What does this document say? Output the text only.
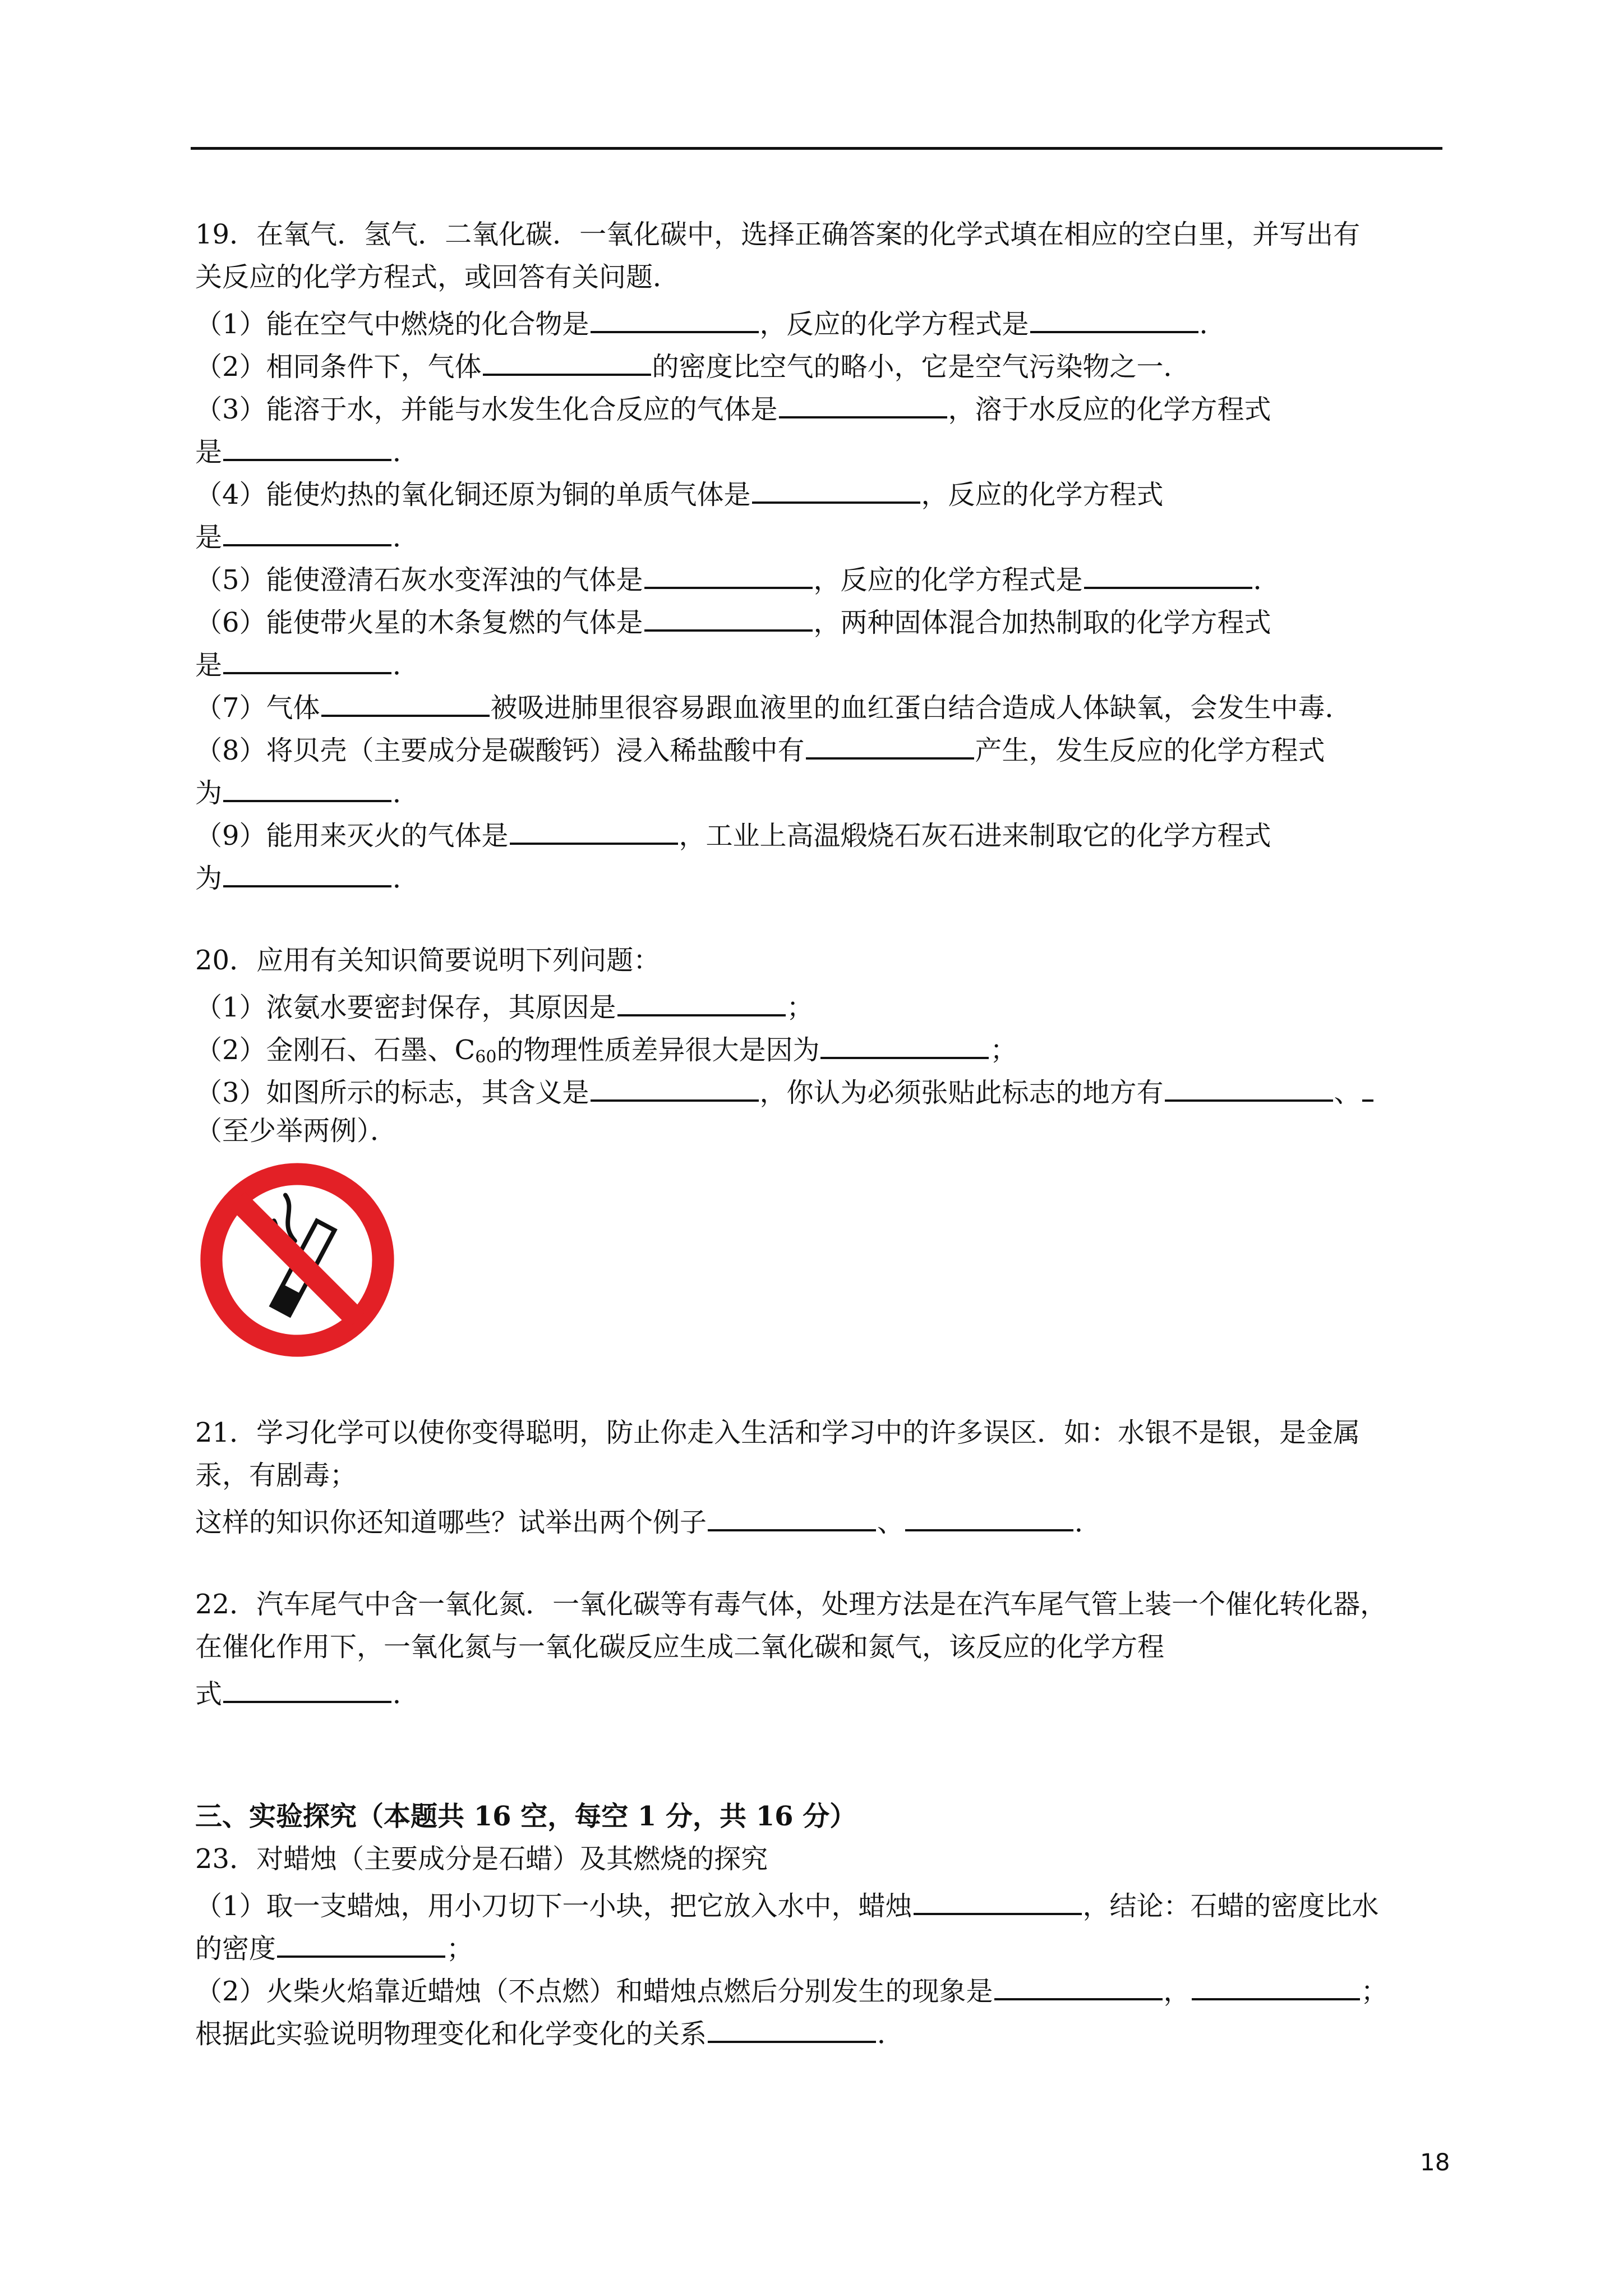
19．在氧气．氢气．二氧化碳．一氧化碳中，选择正确答案的化学式填在相应的空白里，并写出有
关反应的化学方程式，或回答有关问题．
（1）能在空气中燃烧的化合物是	，反应的化学方程式是	．
（2）相同条件下，气体	的密度比空气的略小，它是空气污染物之一．
（3）能溶于水，并能与水发生化合反应的气体是	，溶于水反应的化学方程式
是	．
（4）能使灼热的氧化铜还原为铜的单质气体是	，反应的化学方程式
是	．
（5）能使澄清石灰水变浑浊的气体是	，反应的化学方程式是	．
（6）能使带火星的木条复燃的气体是	，两种固体混合加热制取的化学方程式
是	．
（7）气体	被吸进肺里很容易跟血液里的血红蛋白结合造成人体缺氧，会发生中毒．
（8）将贝壳（主要成分是碳酸钙）浸入稀盐酸中有	产生，发生反应的化学方程式
为	．
（9）能用来灭火的气体是	，工业上高温煅烧石灰石进来制取它的化学方程式
为	．
20．应用有关知识简要说明下列问题：
（1）浓氨水要密封保存，其原因是	；
（2）金刚石、石墨、$C_{60}$的物理性质差异很大是因为	；
（3）如图所示的标志，其含义是	，你认为必须张贴此标志的地方有	、
（至少举两例）．
21．学习化学可以使你变得聪明，防止你走入生活和学习中的许多误区．如：水银不是银，是金属
汞，有剧毒；
这样的知识你还知道哪些？试举出两个例子	、	．
22．汽车尾气中含一氧化氮．一氧化碳等有毒气体，处理方法是在汽车尾气管上装一个催化转化器，
在催化作用下，一氧化氮与一氧化碳反应生成二氧化碳和氮气，该反应的化学方程
式	．
三、实验探究（本题共 16 空，每空 1 分，共 16 分）
23．对蜡烛（主要成分是石蜡）及其燃烧的探究
（1）取一支蜡烛，用小刀切下一小块，把它放入水中，蜡烛	，结论：石蜡的密度比水
的密度	；
（2）火柴火焰靠近蜡烛（不点燃）和蜡烛点燃后分别发生的现象是	，	；
根据此实验说明物理变化和化学变化的关系	．
18
